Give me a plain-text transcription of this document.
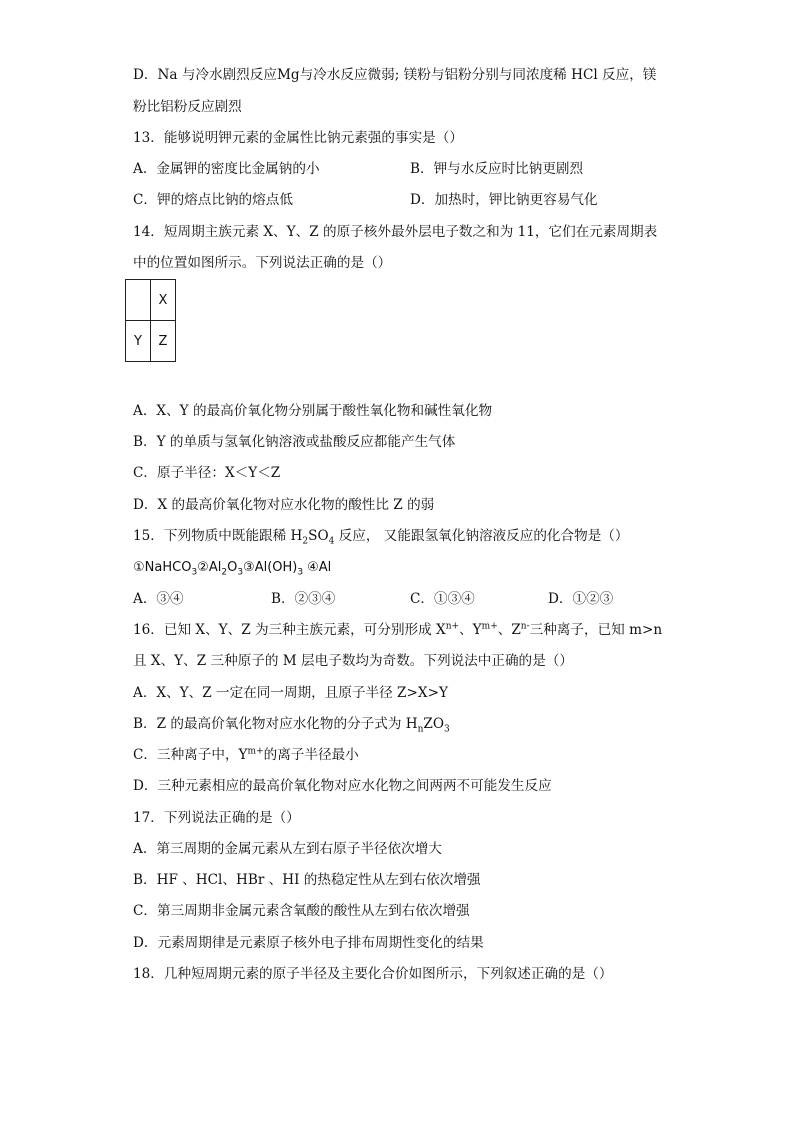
D．Na 与冷水剧烈反应Mg与冷水反应微弱; 镁粉与铝粉分别与同浓度稀 HCl 反应，镁
粉比铝粉反应剧烈
13．能够说明钾元素的金属性比钠元素强的事实是（）
A．金属钾的密度比金属钠的小	B．钾与水反应时比钠更剧烈
C．钾的熔点比钠的熔点低	D．加热时，钾比钠更容易气化
14．短周期主族元素 X、Y、Z 的原子核外最外层电子数之和为 11，它们在元素周期表
中的位置如图所示。下列说法正确的是（）
	X
Y	Z
A．X、Y 的最高价氧化物分别属于酸性氧化物和碱性氧化物
B．Y 的单质与氢氧化钠溶液或盐酸反应都能产生气体
C．原子半径：X＜Y＜Z
D．X 的最高价氧化物对应水化物的酸性比 Z 的弱
15．下列物质中既能跟稀 $H_2SO_4$ 反应， 又能跟氢氧化钠溶液反应的化合物是（）
$①NaHCO_3②Al_2O_3③Al(OH)_3$ ④Al
A．③④	B．②③④	C．①③④	D．①②③
16．已知 X、Y、Z 为三种主族元素，可分别形成 $X^{n+}$、$Y^{m+}$、$Z^{n-}$三种离子，已知 m>n
且 X、Y、Z 三种原子的 M 层电子数均为奇数。下列说法中正确的是（）
A．X、Y、Z 一定在同一周期，且原子半径 Z>X>Y
B．Z 的最高价氧化物对应水化物的分子式为 $H_nZO_3$
C．三种离子中，$Y^{m+}$的离子半径最小
D．三种元素相应的最高价氧化物对应水化物之间两两不可能发生反应
17．下列说法正确的是（）
A．第三周期的金属元素从左到右原子半径依次增大
B．HF 、HCl、HBr 、HI 的热稳定性从左到右依次增强
C．第三周期非金属元素含氧酸的酸性从左到右依次增强
D．元素周期律是元素原子核外电子排布周期性变化的结果
18．几种短周期元素的原子半径及主要化合价如图所示，下列叙述正确的是（）
